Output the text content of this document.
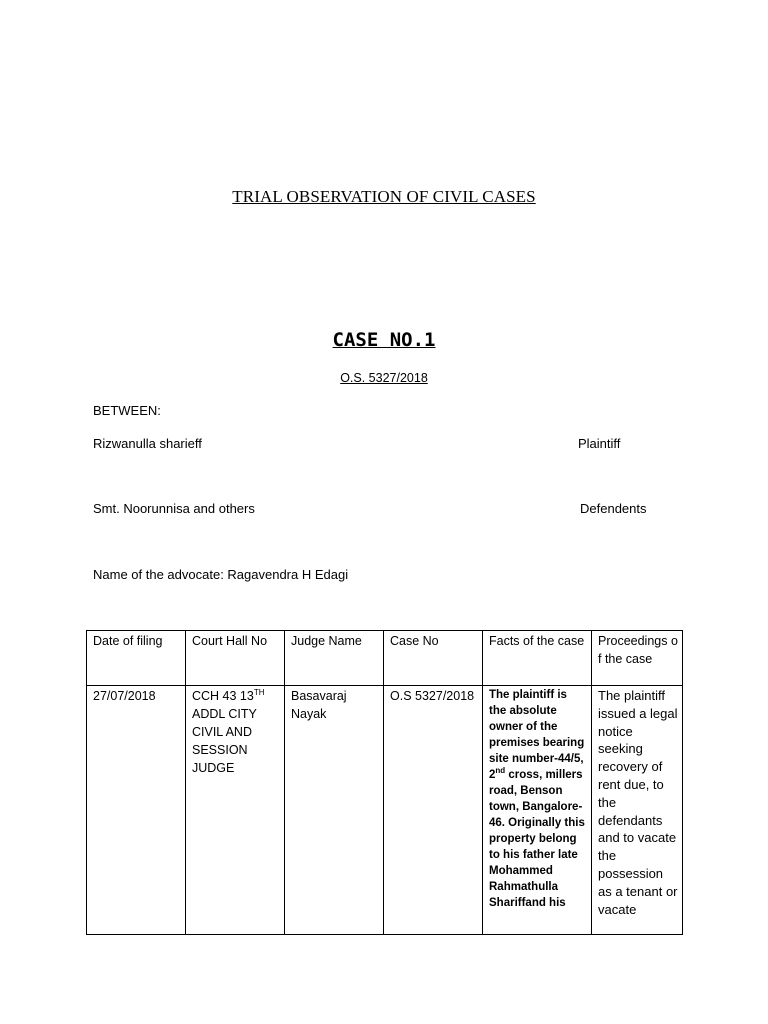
TRIAL OBSERVATION OF CIVIL CASES
CASE NO.1
O.S. 5327/2018
BETWEEN:
Rizwanulla sharieff	Plaintiff
Smt. Noorunnisa and others	Defendents
Name of the advocate: Ragavendra H Edagi
Date of filing	Court Hall No	Judge Name	Case No	Facts of the case	Proceedings of the case

27/07/2018	CCH 43 13TH ADDL CITY CIVIL AND SESSION JUDGE	Basavaraj Nayak	O.S 5327/2018	The plaintiff is the absolute owner of the premises bearing site number-44/5, 2nd cross, millers road, Benson town, Bangalore-46. Originally this property belong to his father late Mohammed Rahmathulla Shariffand his	The plaintiff issued a legal notice seeking recovery of rent due, to the defendants and to vacate the possession as a tenant or vacate
